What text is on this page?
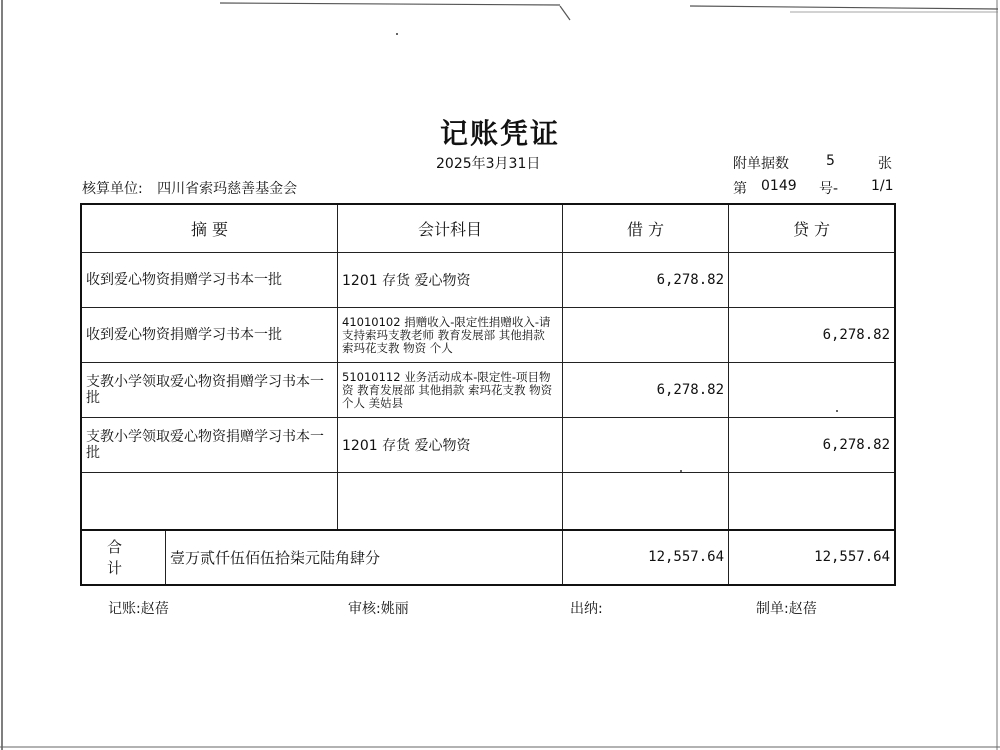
记账凭证
2025年3月31日	附单据数	5	张
核算单位: 四川省索玛慈善基金会	第 0149 号- 1/1
摘 要		会计科目	借 方	贷 方
收到爱心物资捐赠学习书本一批		1201 存货 爱心物资	6,278.82	
收到爱心物资捐赠学习书本一批		41010102 捐赠收入-限定性捐赠收入-请支持索玛支教老师 教育发展部 其他捐款 索玛花支教 物资 个人		6,278.82
支教小学领取爱心物资捐赠学习书本一批		51010112 业务活动成本-限定性-项目物资 教育发展部 其他捐款 索玛花支教 物资 个人 美姑县	6,278.82	
支教小学领取爱心物资捐赠学习书本一批		1201 存货 爱心物资		6,278.82

合 计	壹万贰仟伍佰伍拾柒元陆角肆分		12,557.64	12,557.64
记账:赵蓓	审核:姚丽	出纳:	制单:赵蓓
